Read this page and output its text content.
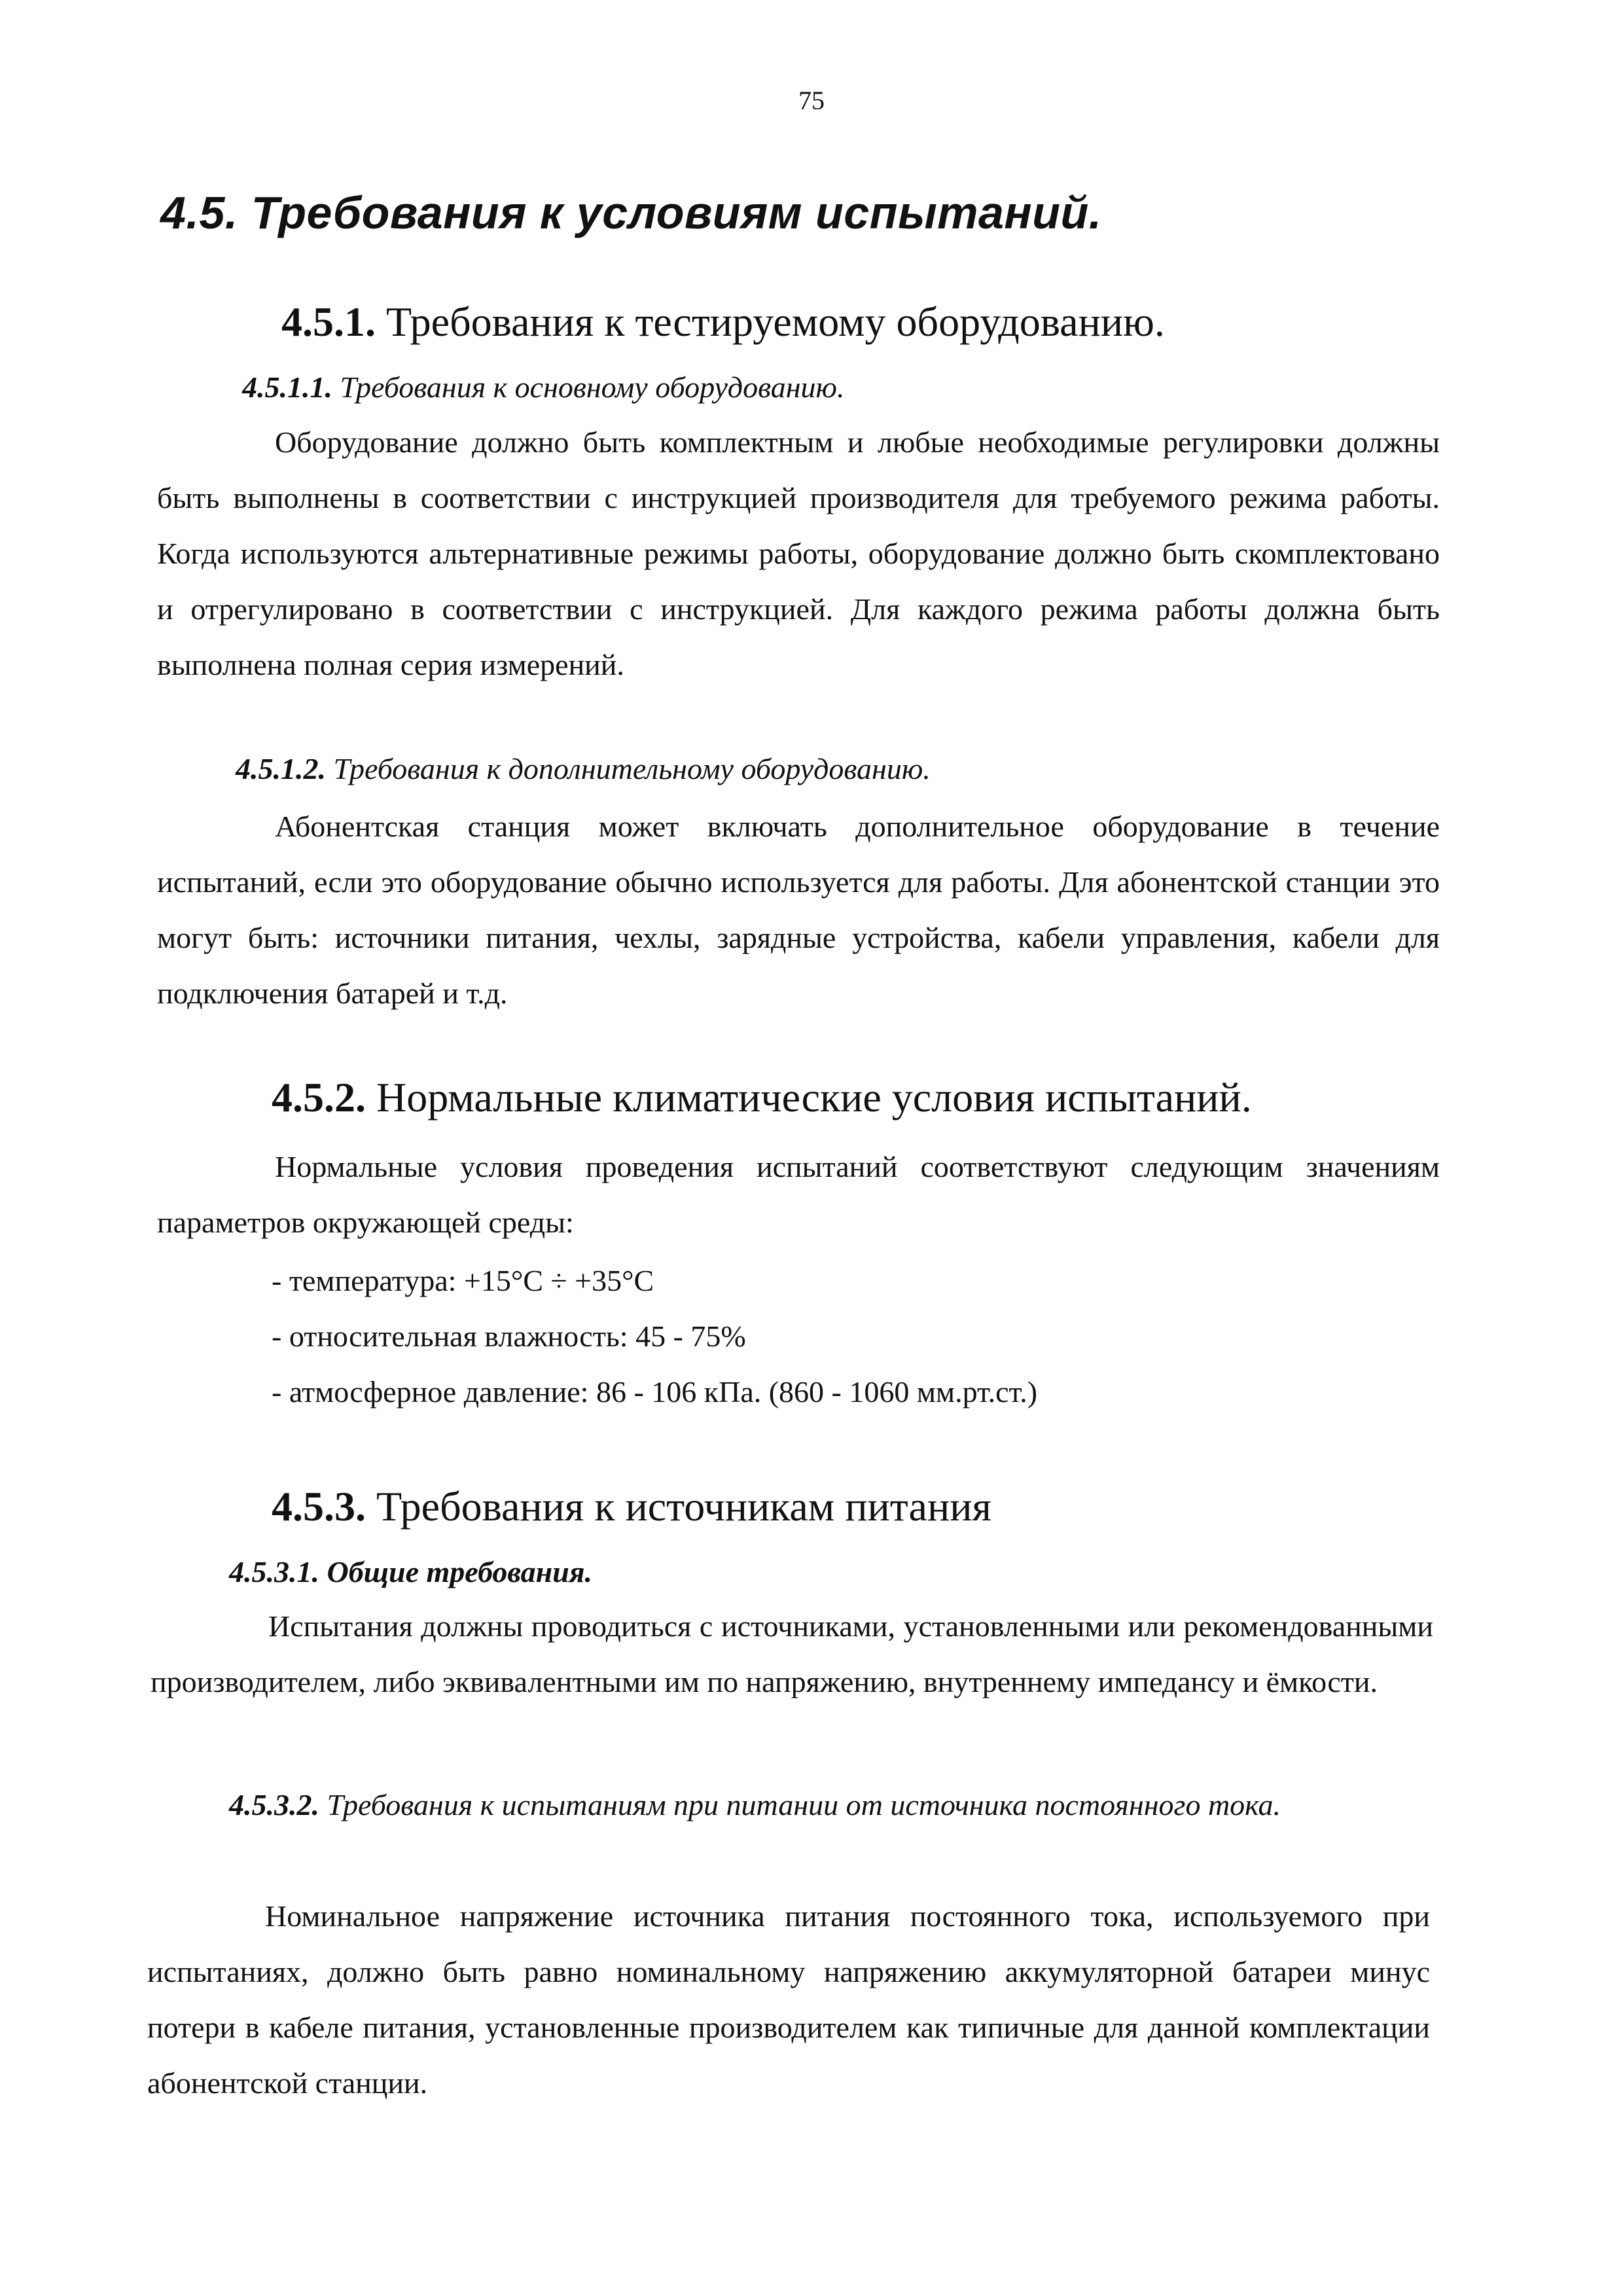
75
4.5. Требования к условиям испытаний.
4.5.1. Требования к тестируемому оборудованию.
4.5.1.1. Требования к основному оборудованию.
Оборудование должно быть комплектным и любые необходимые регулировки должны быть выполнены в соответствии с инструкцией производителя для требуемого режима работы. Когда используются альтернативные режимы работы, оборудование должно быть скомплектовано и отрегулировано в соответствии с инструкцией. Для каждого режима работы должна быть выполнена полная серия измерений.
4.5.1.2. Требования к дополнительному оборудованию.
Абонентская станция может включать дополнительное оборудование в течение испытаний, если это оборудование обычно используется для работы. Для абонентской станции это могут быть: источники питания, чехлы, зарядные устройства, кабели управления, кабели для подключения батарей и т.д.
4.5.2. Нормальные климатические условия испытаний.
Нормальные условия проведения испытаний соответствуют следующим значениям параметров окружающей среды:
- температура: +15°С ÷ +35°С
- относительная влажность: 45 - 75%
- атмосферное давление: 86 - 106 кПа. (860 - 1060 мм.рт.ст.)
4.5.3. Требования к источникам питания
4.5.3.1. Общие требования.
Испытания должны проводиться с источниками, установленными или рекомендованными производителем, либо эквивалентными им по напряжению, внутреннему импедансу и ёмкости.
4.5.3.2. Требования к испытаниям при питании от источника постоянного тока.
Номинальное напряжение источника питания постоянного тока, используемого при испытаниях, должно быть равно номинальному напряжению аккумуляторной батареи минус потери в кабеле питания, установленные производителем как типичные для данной комплектации абонентской станции.
